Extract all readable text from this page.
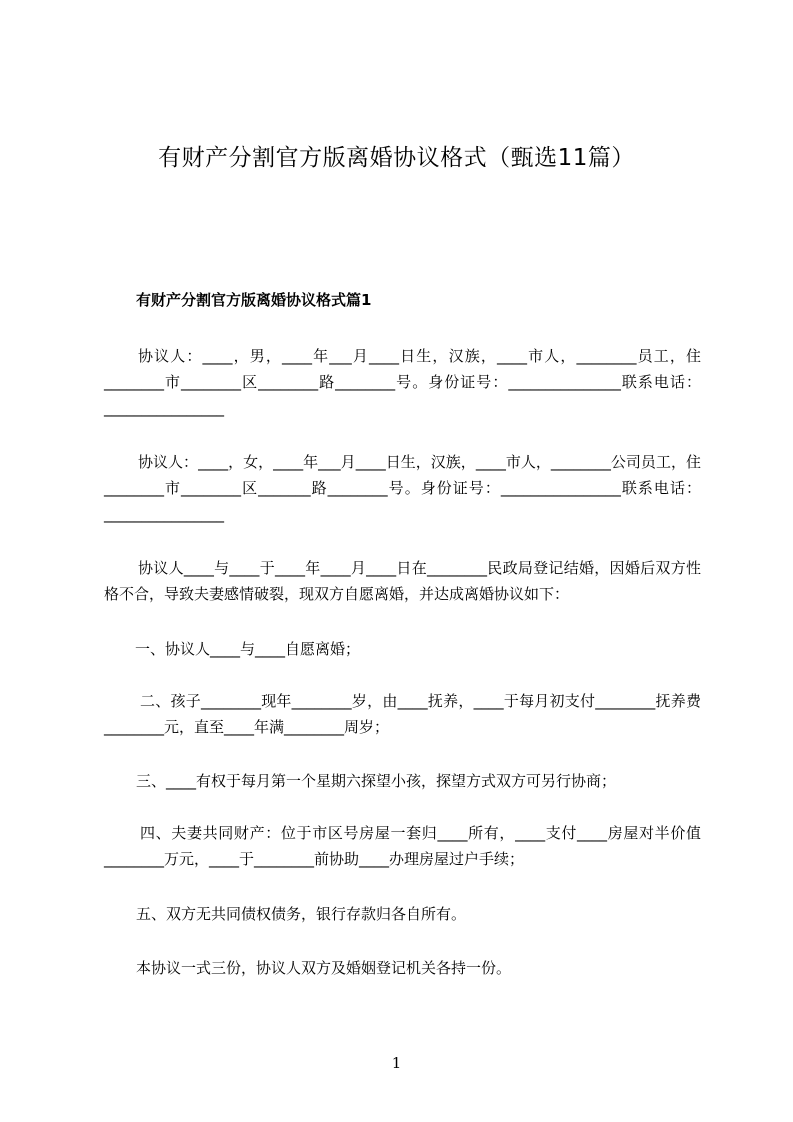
有财产分割官方版离婚协议格式（甄选11篇）
有财产分割官方版离婚协议格式篇1
协议人：____，男，____年___月____日生，汉族，____市人，________员工，住________市________区________路________号。身份证号：_______________联系电话：________________
协议人：____，女，____年___月____日生，汉族，____市人，________公司员工，住________市________区_______路________号。身份证号：________________联系电话：________________
协议人____与____于____年____月____日在________民政局登记结婚，因婚后双方性格不合，导致夫妻感情破裂，现双方自愿离婚，并达成离婚协议如下：
一、协议人____与____自愿离婚；
二、孩子________现年________岁，由____抚养，____于每月初支付________抚养费________元，直至____年满________周岁；
三、____有权于每月第一个星期六探望小孩，探望方式双方可另行协商；
四、夫妻共同财产：位于市区号房屋一套归____所有，____支付____房屋对半价值________万元，____于________前协助____办理房屋过户手续；
五、双方无共同债权债务，银行存款归各自所有。
本协议一式三份，协议人双方及婚姻登记机关各持一份。
1
